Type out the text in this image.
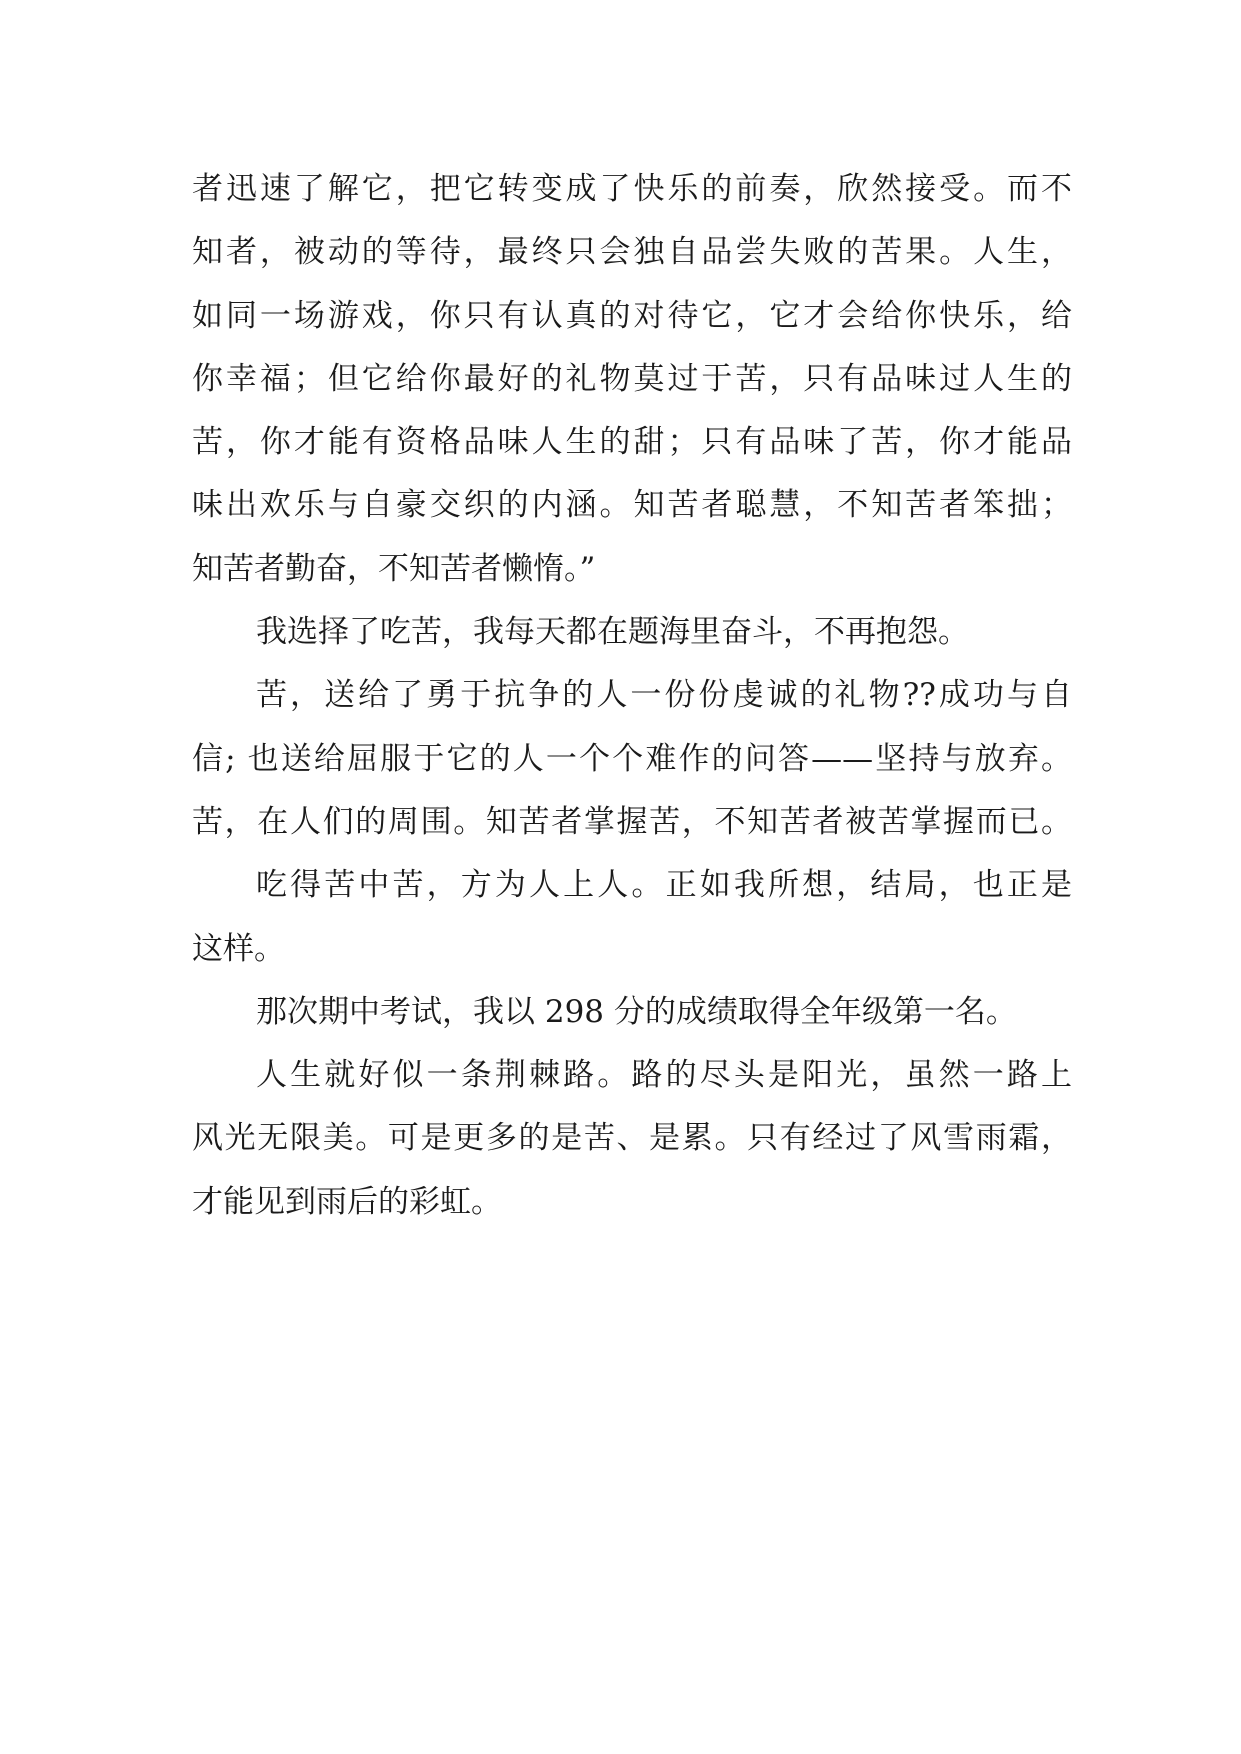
者迅速了解它，把它转变成了快乐的前奏，欣然接受。而不
知者，被动的等待，最终只会独自品尝失败的苦果。人生，
如同一场游戏，你只有认真的对待它，它才会给你快乐，给
你幸福；但它给你最好的礼物莫过于苦，只有品味过人生的
苦，你才能有资格品味人生的甜；只有品味了苦，你才能品
味出欢乐与自豪交织的内涵。知苦者聪慧，不知苦者笨拙；
知苦者勤奋，不知苦者懒惰。”
我选择了吃苦，我每天都在题海里奋斗，不再抱怨。
苦，送给了勇于抗争的人一份份虔诚的礼物??成功与自
信; 也送给屈服于它的人一个个难作的问答——坚持与放弃。
苦，在人们的周围。知苦者掌握苦，不知苦者被苦掌握而已。
吃得苦中苦，方为人上人。正如我所想，结局，也正是
这样。
那次期中考试，我以 298 分的成绩取得全年级第一名。
人生就好似一条荆棘路。路的尽头是阳光，虽然一路上
风光无限美。可是更多的是苦、是累。只有经过了风雪雨霜，
才能见到雨后的彩虹。
